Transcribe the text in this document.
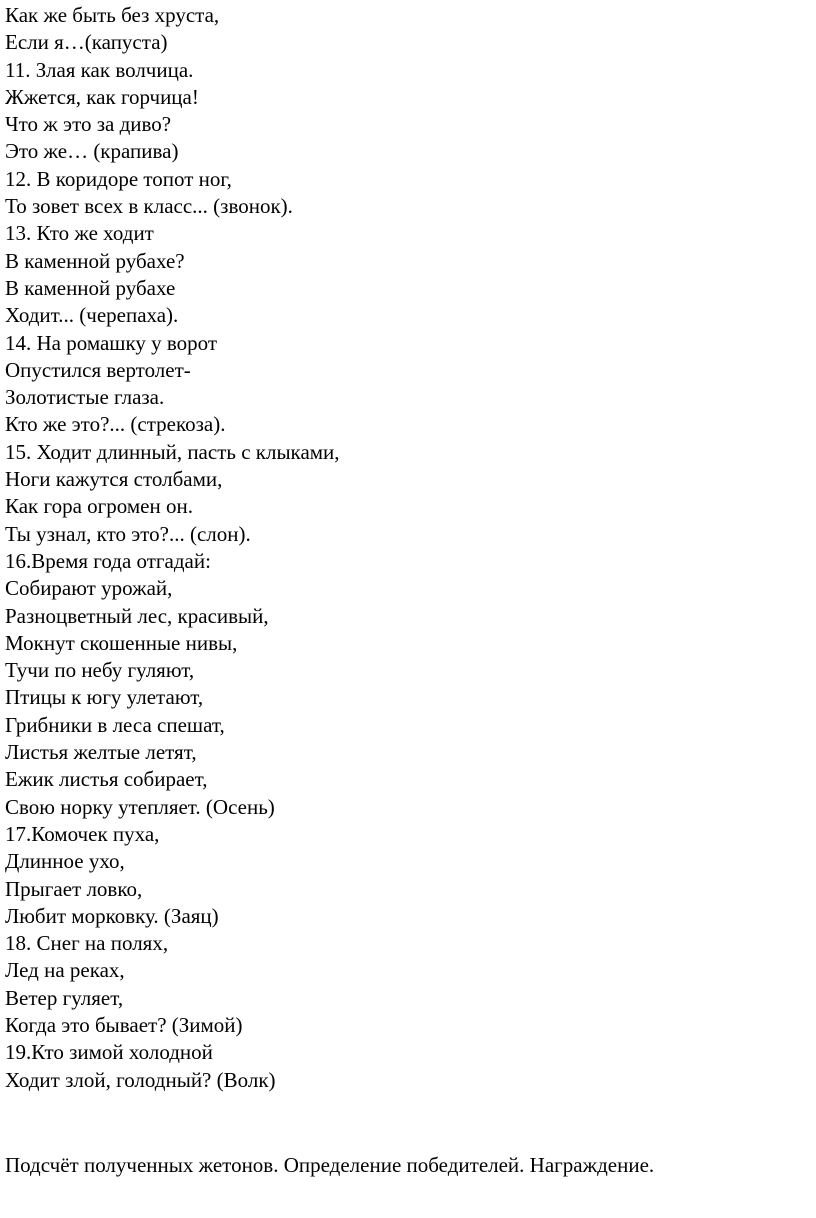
Как же быть без хруста,
Если я…(капуста)
11. Злая как волчица.
Жжется, как горчица!
Что ж это за диво?
Это же… (крапива)
12. В коридоре топот ног,
То зовет всех в класс... (звонок).
13. Кто же ходит
В каменной рубахе?
В каменной рубахе
Ходит... (черепаха).
14. На ромашку у ворот
Опустился вертолет-
Золотистые глаза.
Кто же это?... (стрекоза).
15. Ходит длинный, пасть с клыками,
Ноги кажутся столбами,
Как гора огромен он.
Ты узнал, кто это?... (слон).
16.Время года отгадай:
Собирают урожай,
Разноцветный лес, красивый,
Мокнут скошенные нивы,
Тучи по небу гуляют,
Птицы к югу улетают,
Грибники в леса спешат,
Листья желтые летят,
Ежик листья собирает,
Свою норку утепляет. (Осень)
17.Комочек пуха,
Длинное ухо,
Прыгает ловко,
Любит морковку. (Заяц)
18. Снег на полях,
Лед на реках,
Ветер гуляет,
Когда это бывает? (Зимой)
19.Кто зимой холодной
Ходит злой, голодный? (Волк)
Подсчёт полученных жетонов. Определение победителей. Награждение.
